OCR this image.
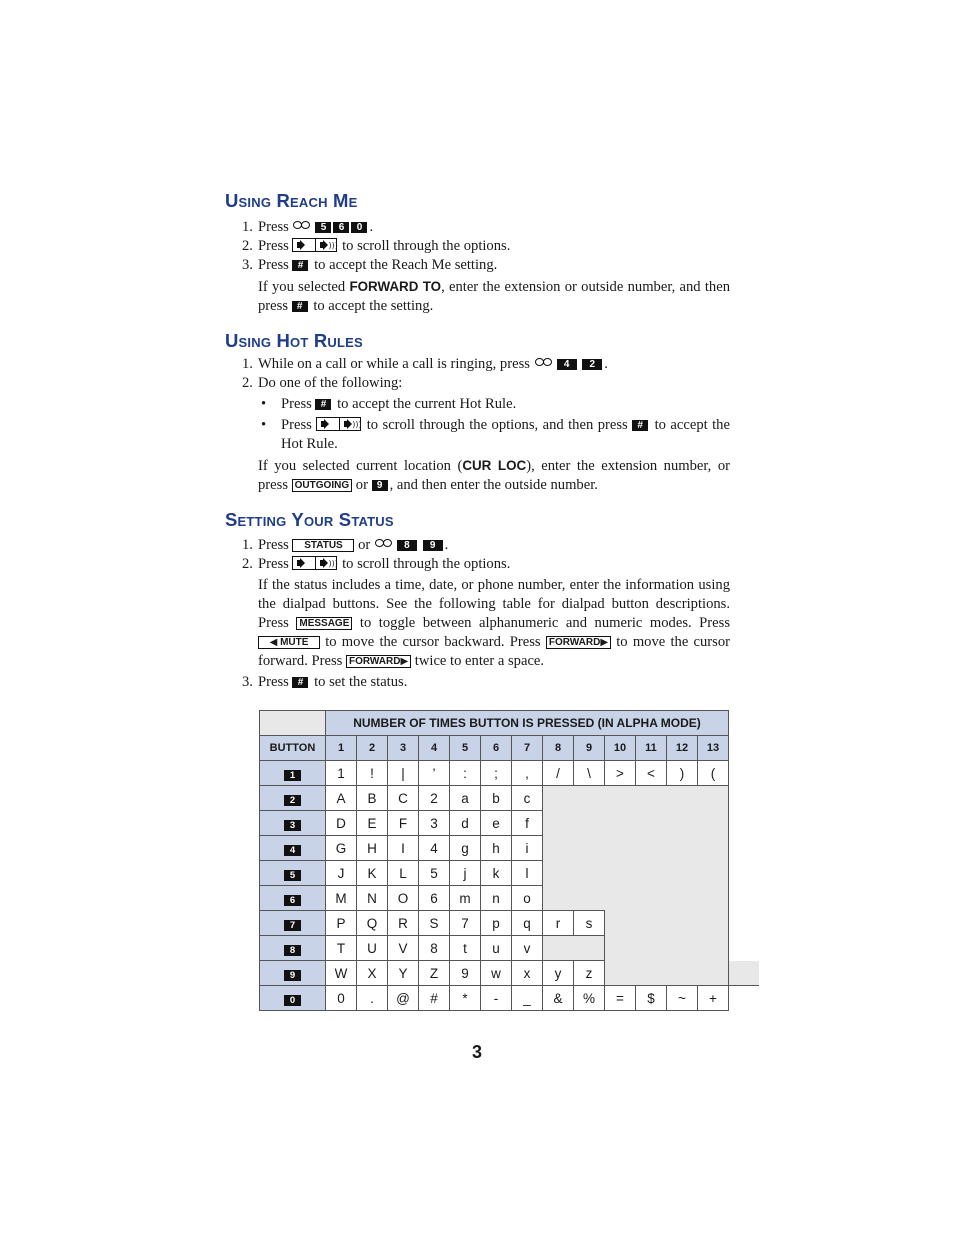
Using Reach Me
1. Press	5 6 0 .
2. Press	))) to scroll through the options.
3. Press # to accept the Reach Me setting.
If you selected FORWARD TO, enter the extension or outside number, and then press # to accept the setting.
Using Hot Rules
1. While on a call or while a call is ringing, press	4 2 .
2. Do one of the following:
•	Press # to accept the current Hot Rule.
•	Press	))) to scroll through the options, and then press # to accept the Hot Rule.
If you selected current location (CUR LOC), enter the extension number, or press OUTGOING or 9 , and then enter the outside number.
Setting Your Status
1. Press STATUS or	8 9 .
2. Press	))) to scroll through the options.
If the status includes a time, date, or phone number, enter the information using the dialpad buttons. See the following table for dialpad button descriptions. Press MESSAGE to toggle between alphanumeric and numeric modes. Press ◀ MUTE to move the cursor backward. Press FORWARD▶ to move the cursor forward. Press FORWARD▶ twice to enter a space.
3. Press # to set the status.
	NUMBER OF TIMES BUTTON IS PRESSED (IN ALPHA MODE)													
BUTTON	1	2	3	4	5	6	7	8	9	10	11	12	13	
1	1	!	|	’	:	;	,	/	\	>	<	)	(	
2	A	B	C	2	a	b	c							
3	D	E	F	3	d	e	f							
4	G	H	I	4	g	h	i							
5	J	K	L	5	j	k	l							
6	M	N	O	6	m	n	o							
7	P	Q	R	S	7	p	q	r	s					
8	T	U	V	8	t	u	v							
9	W	X	Y	Z	9	w	x	y	z					
0	0	.	@	#	*	-	_	&	%	=	$	~	+	
3
